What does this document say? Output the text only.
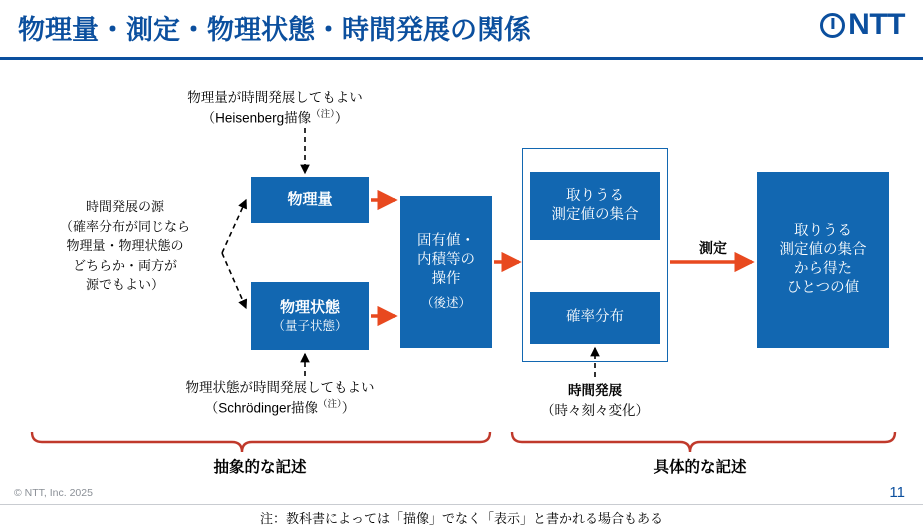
物理量・測定・物理状態・時間発展の関係	NTT
物理量が時間発展してもよい
（Heisenberg描像$^{(注)}$）
物理状態が時間発展してもよい
（Schrödinger描像$^{(注)}$）
時間発展の源
（確率分布が同じなら
物理量・物理状態の
どちらか・両方が
源でもよい）
測定
時間発展
（時々刻々変化）
抽象的な記述	具体的な記述
© NTT, Inc. 2025	11
注：教科書によっては「描像」でなく「表示」と書かれる場合もある
物理量
物理状態
（量子状態）
固有値・
内積等の
操作
（後述）
取りうる
測定値の集合
確率分布
取りうる
測定値の集合
から得た
ひとつの値
